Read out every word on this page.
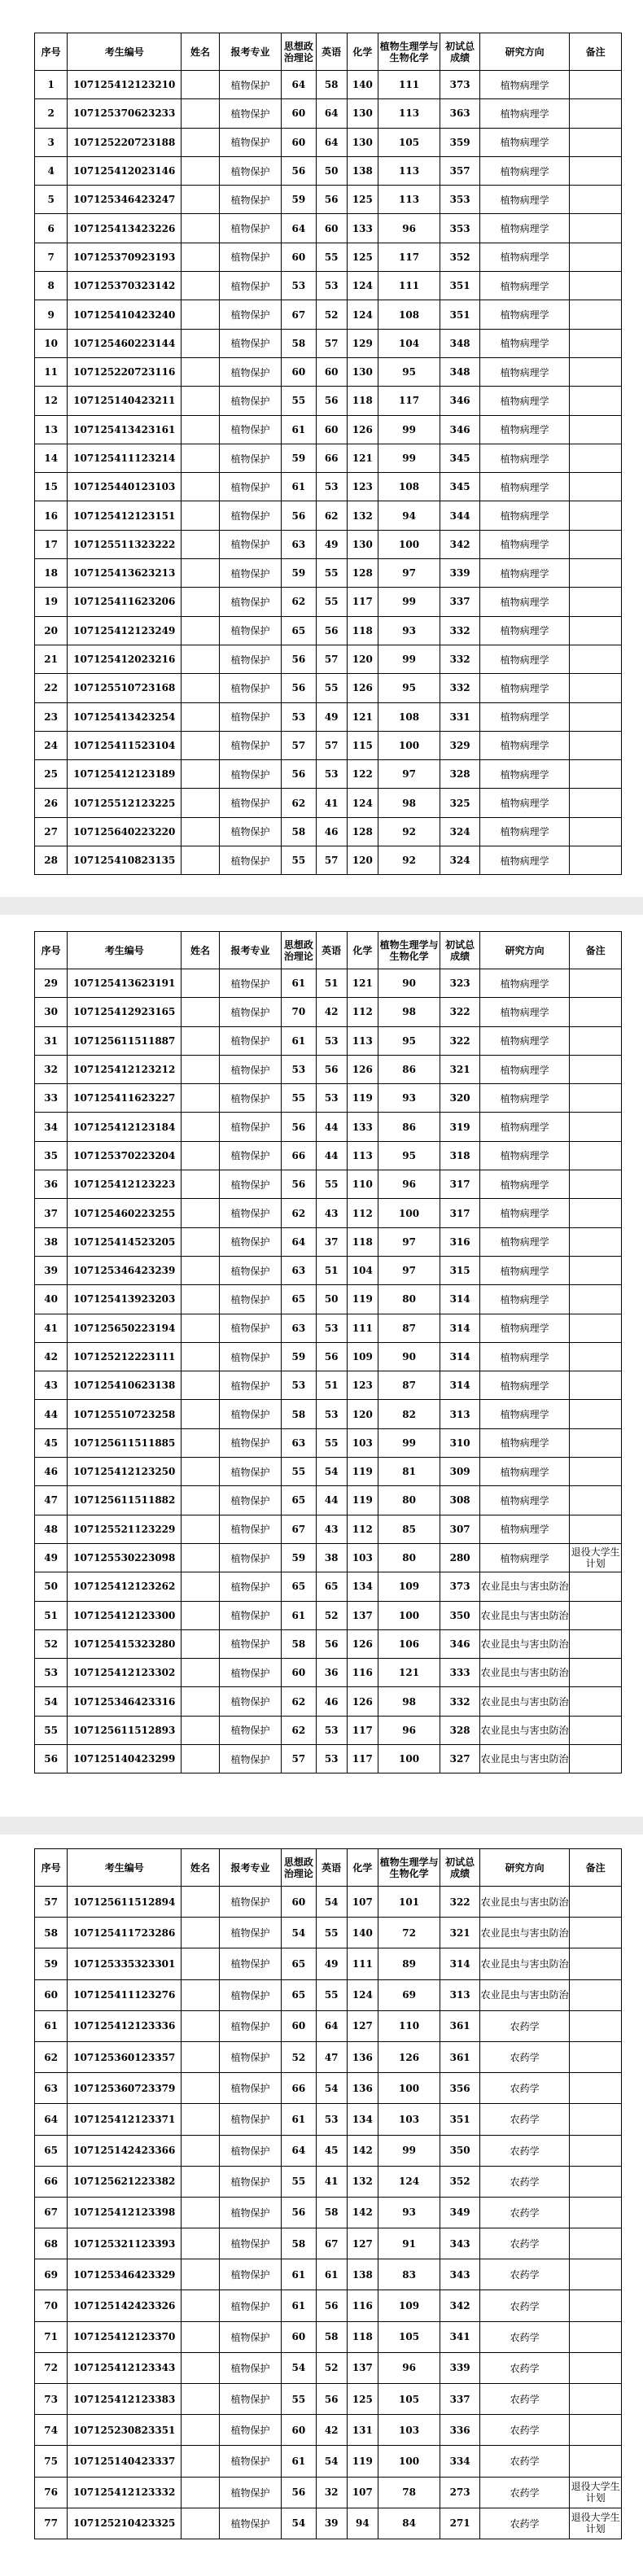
序号	考生编号	姓名	报考专业	思想政治理论	英语	化学	植物生理学与生物化学	初试总成绩	研究方向	备注
1	107125412123210		植物保护	64	58	140	111	373	植物病理学	
2	107125370623233		植物保护	60	64	130	113	363	植物病理学	
3	107125220723188		植物保护	60	64	130	105	359	植物病理学	
4	107125412023146		植物保护	56	50	138	113	357	植物病理学	
5	107125346423247		植物保护	59	56	125	113	353	植物病理学	
6	107125413423226		植物保护	64	60	133	96	353	植物病理学	
7	107125370923193		植物保护	60	55	125	117	352	植物病理学	
8	107125370323142		植物保护	53	53	124	111	351	植物病理学	
9	107125410423240		植物保护	67	52	124	108	351	植物病理学	
10	107125460223144		植物保护	58	57	129	104	348	植物病理学	
11	107125220723116		植物保护	60	60	130	95	348	植物病理学	
12	107125140423211		植物保护	55	56	118	117	346	植物病理学	
13	107125413423161		植物保护	61	60	126	99	346	植物病理学	
14	107125411123214		植物保护	59	66	121	99	345	植物病理学	
15	107125440123103		植物保护	61	53	123	108	345	植物病理学	
16	107125412123151		植物保护	56	62	132	94	344	植物病理学	
17	107125511323222		植物保护	63	49	130	100	342	植物病理学	
18	107125413623213		植物保护	59	55	128	97	339	植物病理学	
19	107125411623206		植物保护	62	55	117	99	337	植物病理学	
20	107125412123249		植物保护	65	56	118	93	332	植物病理学	
21	107125412023216		植物保护	56	57	120	99	332	植物病理学	
22	107125510723168		植物保护	56	55	126	95	332	植物病理学	
23	107125413423254		植物保护	53	49	121	108	331	植物病理学	
24	107125411523104		植物保护	57	57	115	100	329	植物病理学	
25	107125412123189		植物保护	56	53	122	97	328	植物病理学	
26	107125512123225		植物保护	62	41	124	98	325	植物病理学	
27	107125640223220		植物保护	58	46	128	92	324	植物病理学	
28	107125410823135		植物保护	55	57	120	92	324	植物病理学	
序号	考生编号	姓名	报考专业	思想政治理论	英语	化学	植物生理学与生物化学	初试总成绩	研究方向	备注
29	107125413623191		植物保护	61	51	121	90	323	植物病理学	
30	107125412923165		植物保护	70	42	112	98	322	植物病理学	
31	107125611511887		植物保护	61	53	113	95	322	植物病理学	
32	107125412123212		植物保护	53	56	126	86	321	植物病理学	
33	107125411623227		植物保护	55	53	119	93	320	植物病理学	
34	107125412123184		植物保护	56	44	133	86	319	植物病理学	
35	107125370223204		植物保护	66	44	113	95	318	植物病理学	
36	107125412123223		植物保护	56	55	110	96	317	植物病理学	
37	107125460223255		植物保护	62	43	112	100	317	植物病理学	
38	107125414523205		植物保护	64	37	118	97	316	植物病理学	
39	107125346423239		植物保护	63	51	104	97	315	植物病理学	
40	107125413923203		植物保护	65	50	119	80	314	植物病理学	
41	107125650223194		植物保护	63	53	111	87	314	植物病理学	
42	107125212223111		植物保护	59	56	109	90	314	植物病理学	
43	107125410623138		植物保护	53	51	123	87	314	植物病理学	
44	107125510723258		植物保护	58	53	120	82	313	植物病理学	
45	107125611511885		植物保护	63	55	103	99	310	植物病理学	
46	107125412123250		植物保护	55	54	119	81	309	植物病理学	
47	107125611511882		植物保护	65	44	119	80	308	植物病理学	
48	107125521123229		植物保护	67	43	112	85	307	植物病理学	
49	107125530223098		植物保护	59	38	103	80	280	植物病理学	退役大学生计划
50	107125412123262		植物保护	65	65	134	109	373	农业昆虫与害虫防治	
51	107125412123300		植物保护	61	52	137	100	350	农业昆虫与害虫防治	
52	107125415323280		植物保护	58	56	126	106	346	农业昆虫与害虫防治	
53	107125412123302		植物保护	60	36	116	121	333	农业昆虫与害虫防治	
54	107125346423316		植物保护	62	46	126	98	332	农业昆虫与害虫防治	
55	107125611512893		植物保护	62	53	117	96	328	农业昆虫与害虫防治	
56	107125140423299		植物保护	57	53	117	100	327	农业昆虫与害虫防治	
序号	考生编号	姓名	报考专业	思想政治理论	英语	化学	植物生理学与生物化学	初试总成绩	研究方向	备注
57	107125611512894		植物保护	60	54	107	101	322	农业昆虫与害虫防治	
58	107125411723286		植物保护	54	55	140	72	321	农业昆虫与害虫防治	
59	107125335323301		植物保护	65	49	111	89	314	农业昆虫与害虫防治	
60	107125411123276		植物保护	65	55	124	69	313	农业昆虫与害虫防治	
61	107125412123336		植物保护	60	64	127	110	361	农药学	
62	107125360123357		植物保护	52	47	136	126	361	农药学	
63	107125360723379		植物保护	66	54	136	100	356	农药学	
64	107125412123371		植物保护	61	53	134	103	351	农药学	
65	107125142423366		植物保护	64	45	142	99	350	农药学	
66	107125621223382		植物保护	55	41	132	124	352	农药学	
67	107125412123398		植物保护	56	58	142	93	349	农药学	
68	107125321123393		植物保护	58	67	127	91	343	农药学	
69	107125346423329		植物保护	61	61	138	83	343	农药学	
70	107125142423326		植物保护	61	56	116	109	342	农药学	
71	107125412123370		植物保护	60	58	118	105	341	农药学	
72	107125412123343		植物保护	54	52	137	96	339	农药学	
73	107125412123383		植物保护	55	56	125	105	337	农药学	
74	107125230823351		植物保护	60	42	131	103	336	农药学	
75	107125140423337		植物保护	61	54	119	100	334	农药学	
76	107125412123332		植物保护	56	32	107	78	273	农药学	退役大学生计划
77	107125210423325		植物保护	54	39	94	84	271	农药学	退役大学生计划
